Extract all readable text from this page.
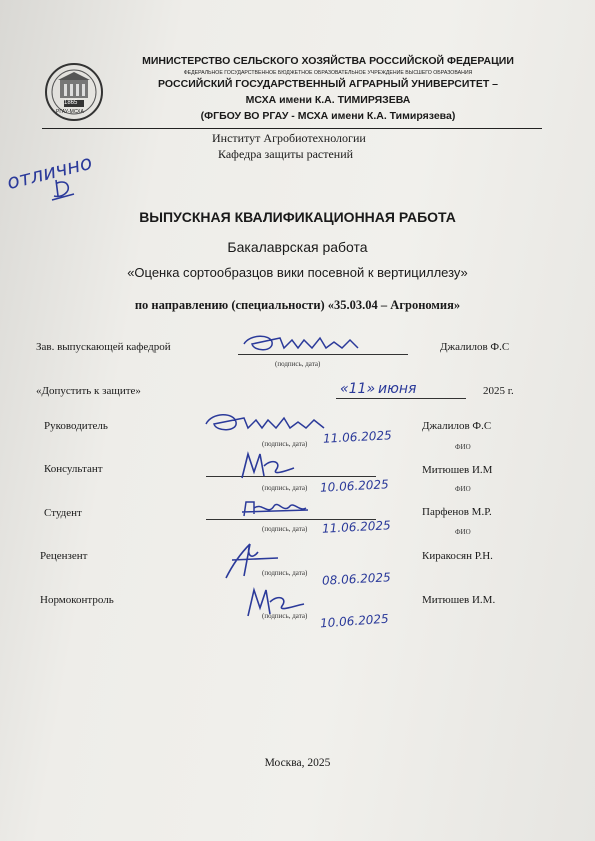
1865
РГАУ-МСХА
МИНИСТЕРСТВО СЕЛЬСКОГО ХОЗЯЙСТВА РОССИЙСКОЙ ФЕДЕРАЦИИ
ФЕДЕРАЛЬНОЕ ГОСУДАРСТВЕННОЕ БЮДЖЕТНОЕ ОБРАЗОВАТЕЛЬНОЕ УЧРЕЖДЕНИЕ ВЫСШЕГО ОБРАЗОВАНИЯ
РОССИЙСКИЙ ГОСУДАРСТВЕННЫЙ АГРАРНЫЙ УНИВЕРСИТЕТ –
МСХА имени К.А. ТИМИРЯЗЕВА
(ФГБОУ ВО РГАУ - МСХА имени К.А. Тимирязева)
Институт Агробиотехнологии
Кафедра защиты растений
отлично
ВЫПУСКНАЯ КВАЛИФИКАЦИОННАЯ РАБОТА
Бакалаврская работа
«Оценка сортообразцов вики посевной к вертициллезу»
по направлению (специальности) «35.03.04 – Агрономия»
Зав. выпускающей кафедрой
(подпись, дата)
Джалилов Ф.С
«Допустить к защите»	«11» июня	2025 г.
Руководитель
(подпись, дата) 11.06.2025
Джалилов Ф.С
ФИО
Консультант
(подпись, дата) 10.06.2025
Митюшев И.М
ФИО
Студент
(подпись, дата) 11.06.2025
Парфенов М.Р.
ФИО
Рецензент
(подпись, дата) 08.06.2025
Киракосян Р.Н.
Нормоконтроль
(подпись, дата) 10.06.2025
Митюшев И.М.
Москва, 2025
